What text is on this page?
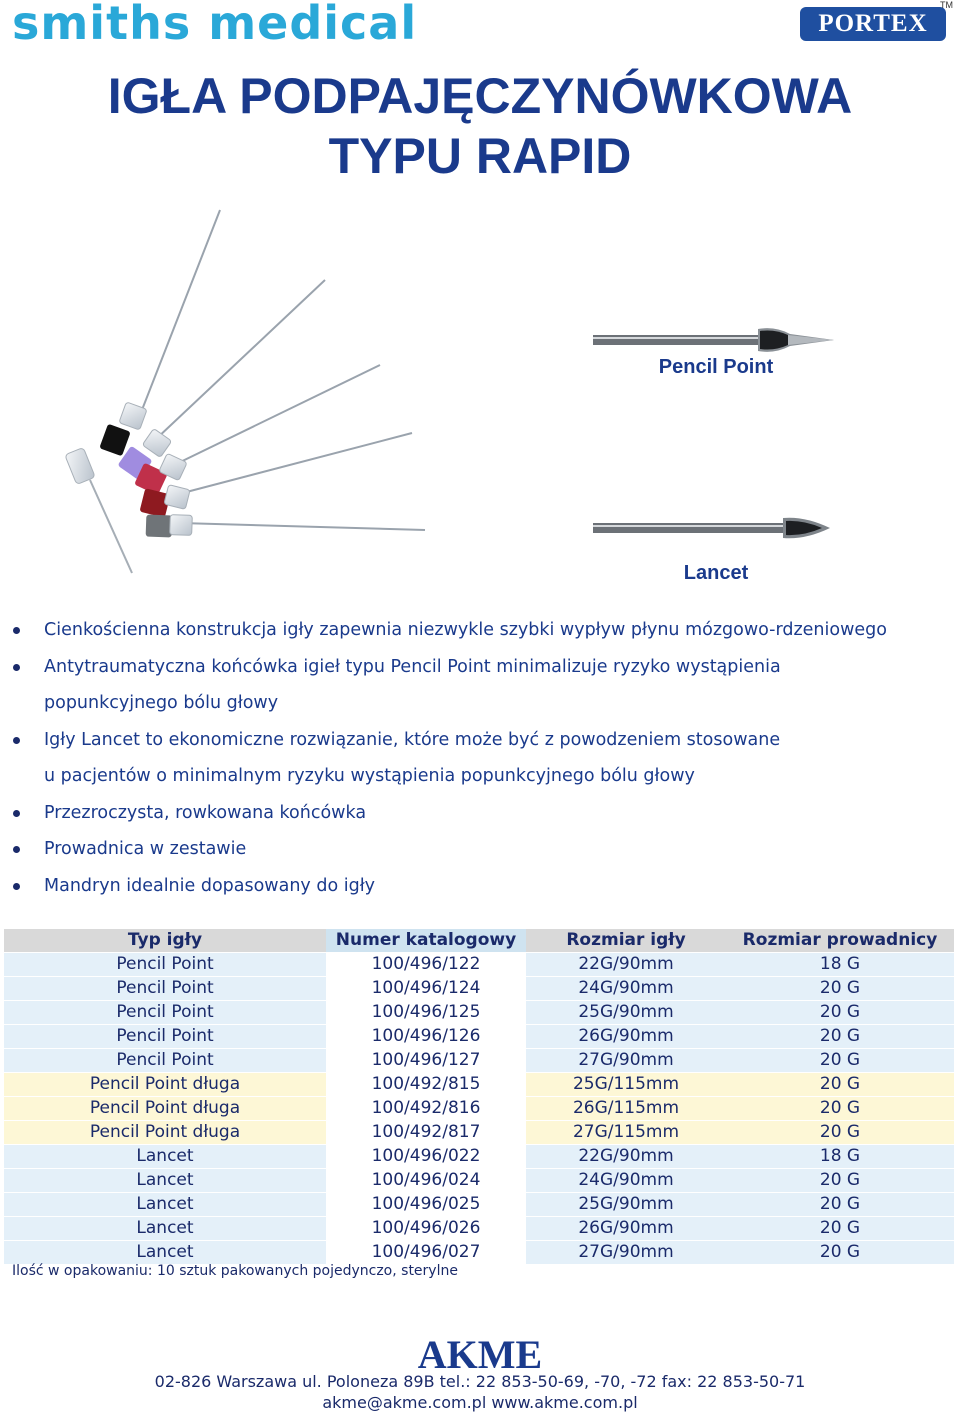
smiths medical	PORTEX
TM
IGŁA PODPAJĘCZYNÓWKOWA
TYPU RAPID
Pencil Point
Lancet
Cienkościenna konstrukcja igły zapewnia niezwykle szybki wypływ płynu mózgowo-rdzeniowego
Antytraumatyczna końcówka igieł typu Pencil Point minimalizuje ryzyko wystąpienia
popunkcyjnego bólu głowy
Igły Lancet to ekonomiczne rozwiązanie, które może być z powodzeniem stosowane
u pacjentów o minimalnym ryzyku wystąpienia popunkcyjnego bólu głowy
Przezroczysta, rowkowana końcówka
Prowadnica w zestawie
Mandryn idealnie dopasowany do igły
Typ igły	Numer katalogowy	Rozmiar igły	Rozmiar prowadnicy
Pencil Point	100/496/122	22G/90mm	18 G
Pencil Point	100/496/124	24G/90mm	20 G
Pencil Point	100/496/125	25G/90mm	20 G
Pencil Point	100/496/126	26G/90mm	20 G
Pencil Point	100/496/127	27G/90mm	20 G
Pencil Point długa	100/492/815	25G/115mm	20 G
Pencil Point długa	100/492/816	26G/115mm	20 G
Pencil Point długa	100/492/817	27G/115mm	20 G
Lancet	100/496/022	22G/90mm	18 G
Lancet	100/496/024	24G/90mm	20 G
Lancet	100/496/025	25G/90mm	20 G
Lancet	100/496/026	26G/90mm	20 G
Lancet	100/496/027	27G/90mm	20 G
Ilość w opakowaniu: 10 sztuk pakowanych pojedynczo, sterylne
AKME
02-826 Warszawa ul. Poloneza 89B tel.: 22 853-50-69, -70, -72 fax: 22 853-50-71
akme@akme.com.pl www.akme.com.pl
